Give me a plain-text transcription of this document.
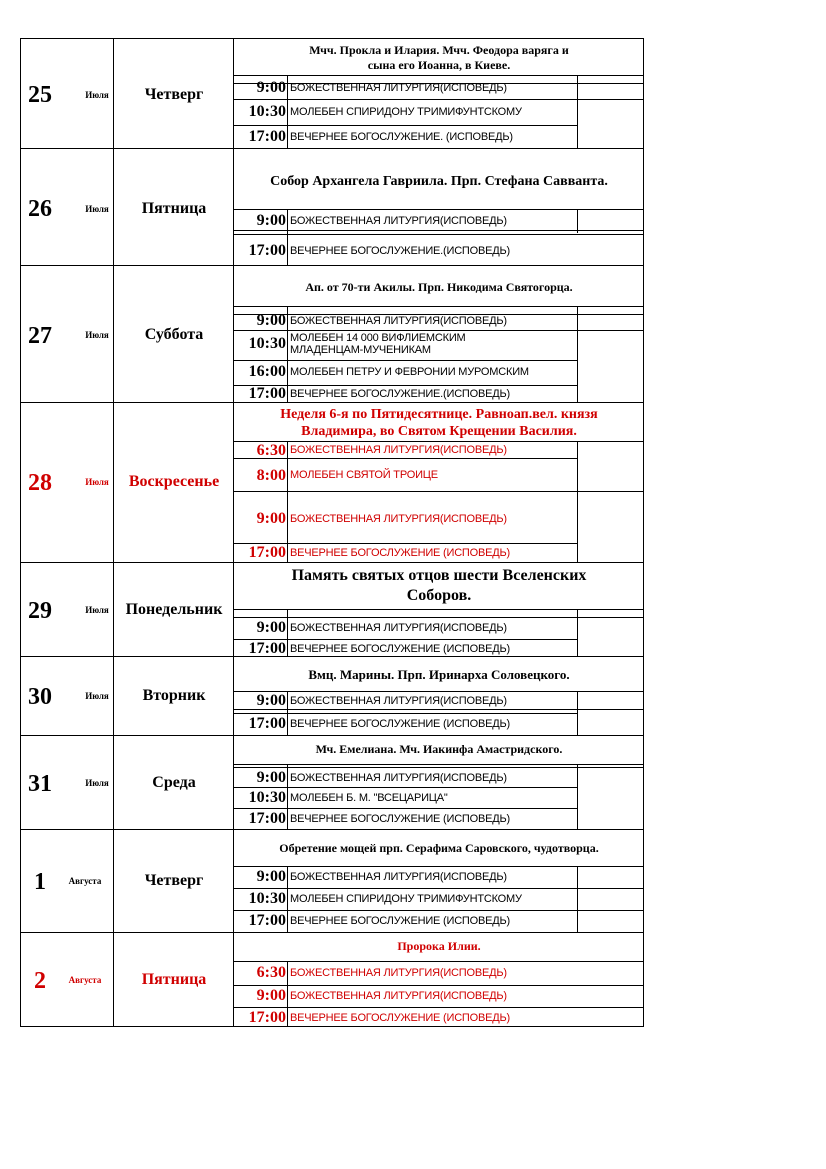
25	Июля	Четверг
Мчч. Прокла и Илария. Мчч. Феодора варяга и сына его Иоанна, в Киеве.
9:00 БОЖЕСТВЕННАЯ ЛИТУРГИЯ(ИСПОВЕДЬ)
10:30 МОЛЕБЕН СПИРИДОНУ ТРИМИФУНТСКОМУ
17:00 ВЕЧЕРНЕЕ БОГОСЛУЖЕНИЕ. (ИСПОВЕДЬ)
26	Июля	Пятница
Собор Архангела Гавриила. Прп. Стефана Савванта.
9:00 БОЖЕСТВЕННАЯ ЛИТУРГИЯ(ИСПОВЕДЬ)
17:00 ВЕЧЕРНЕЕ БОГОСЛУЖЕНИЕ.(ИСПОВЕДЬ)
27	Июля	Суббота
Ап. от 70-ти Акилы. Прп. Никодима Святогорца.
9:00 БОЖЕСТВЕННАЯ ЛИТУРГИЯ(ИСПОВЕДЬ)
10:30 МОЛЕБЕН 14 000 ВИФЛИЕМСКИМ МЛАДЕНЦАМ-МУЧЕНИКАМ
16:00 МОЛЕБЕН ПЕТРУ И ФЕВРОНИИ МУРОМСКИМ
17:00 ВЕЧЕРНЕЕ БОГОСЛУЖЕНИЕ.(ИСПОВЕДЬ)
28	Июля	Воскресенье
Неделя 6-я по Пятидесятнице. Равноап.вел. князя Владимира, во Святом Крещении Василия.
6:30 БОЖЕСТВЕННАЯ ЛИТУРГИЯ(ИСПОВЕДЬ)
8:00 МОЛЕБЕН СВЯТОЙ ТРОИЦЕ
9:00 БОЖЕСТВЕННАЯ ЛИТУРГИЯ(ИСПОВЕДЬ)
17:00 ВЕЧЕРНЕЕ БОГОСЛУЖЕНИЕ (ИСПОВЕДЬ)
29	Июля	Понедельник
Память святых отцов шести Вселенских Соборов.
9:00 БОЖЕСТВЕННАЯ ЛИТУРГИЯ(ИСПОВЕДЬ)
17:00 ВЕЧЕРНЕЕ БОГОСЛУЖЕНИЕ (ИСПОВЕДЬ)
30	Июля	Вторник
Вмц. Марины. Прп. Иринарха Соловецкого.
9:00 БОЖЕСТВЕННАЯ ЛИТУРГИЯ(ИСПОВЕДЬ)
17:00 ВЕЧЕРНЕЕ БОГОСЛУЖЕНИЕ (ИСПОВЕДЬ)
31	Июля	Среда
Мч. Емелиана. Мч. Иакинфа Амастридского.
9:00 БОЖЕСТВЕННАЯ ЛИТУРГИЯ(ИСПОВЕДЬ)
10:30 МОЛЕБЕН Б. М. "ВСЕЦАРИЦА"
17:00 ВЕЧЕРНЕЕ БОГОСЛУЖЕНИЕ (ИСПОВЕДЬ)
1	Августа	Четверг
Обретение мощей прп. Серафима Саровского, чудотворца.
9:00 БОЖЕСТВЕННАЯ ЛИТУРГИЯ(ИСПОВЕДЬ)
10:30 МОЛЕБЕН СПИРИДОНУ ТРИМИФУНТСКОМУ
17:00 ВЕЧЕРНЕЕ БОГОСЛУЖЕНИЕ (ИСПОВЕДЬ)
2	Августа	Пятница
Пророка Илии.
6:30 БОЖЕСТВЕННАЯ ЛИТУРГИЯ(ИСПОВЕДЬ)
9:00 БОЖЕСТВЕННАЯ ЛИТУРГИЯ(ИСПОВЕДЬ)
17:00 ВЕЧЕРНЕЕ БОГОСЛУЖЕНИЕ (ИСПОВЕДЬ)
